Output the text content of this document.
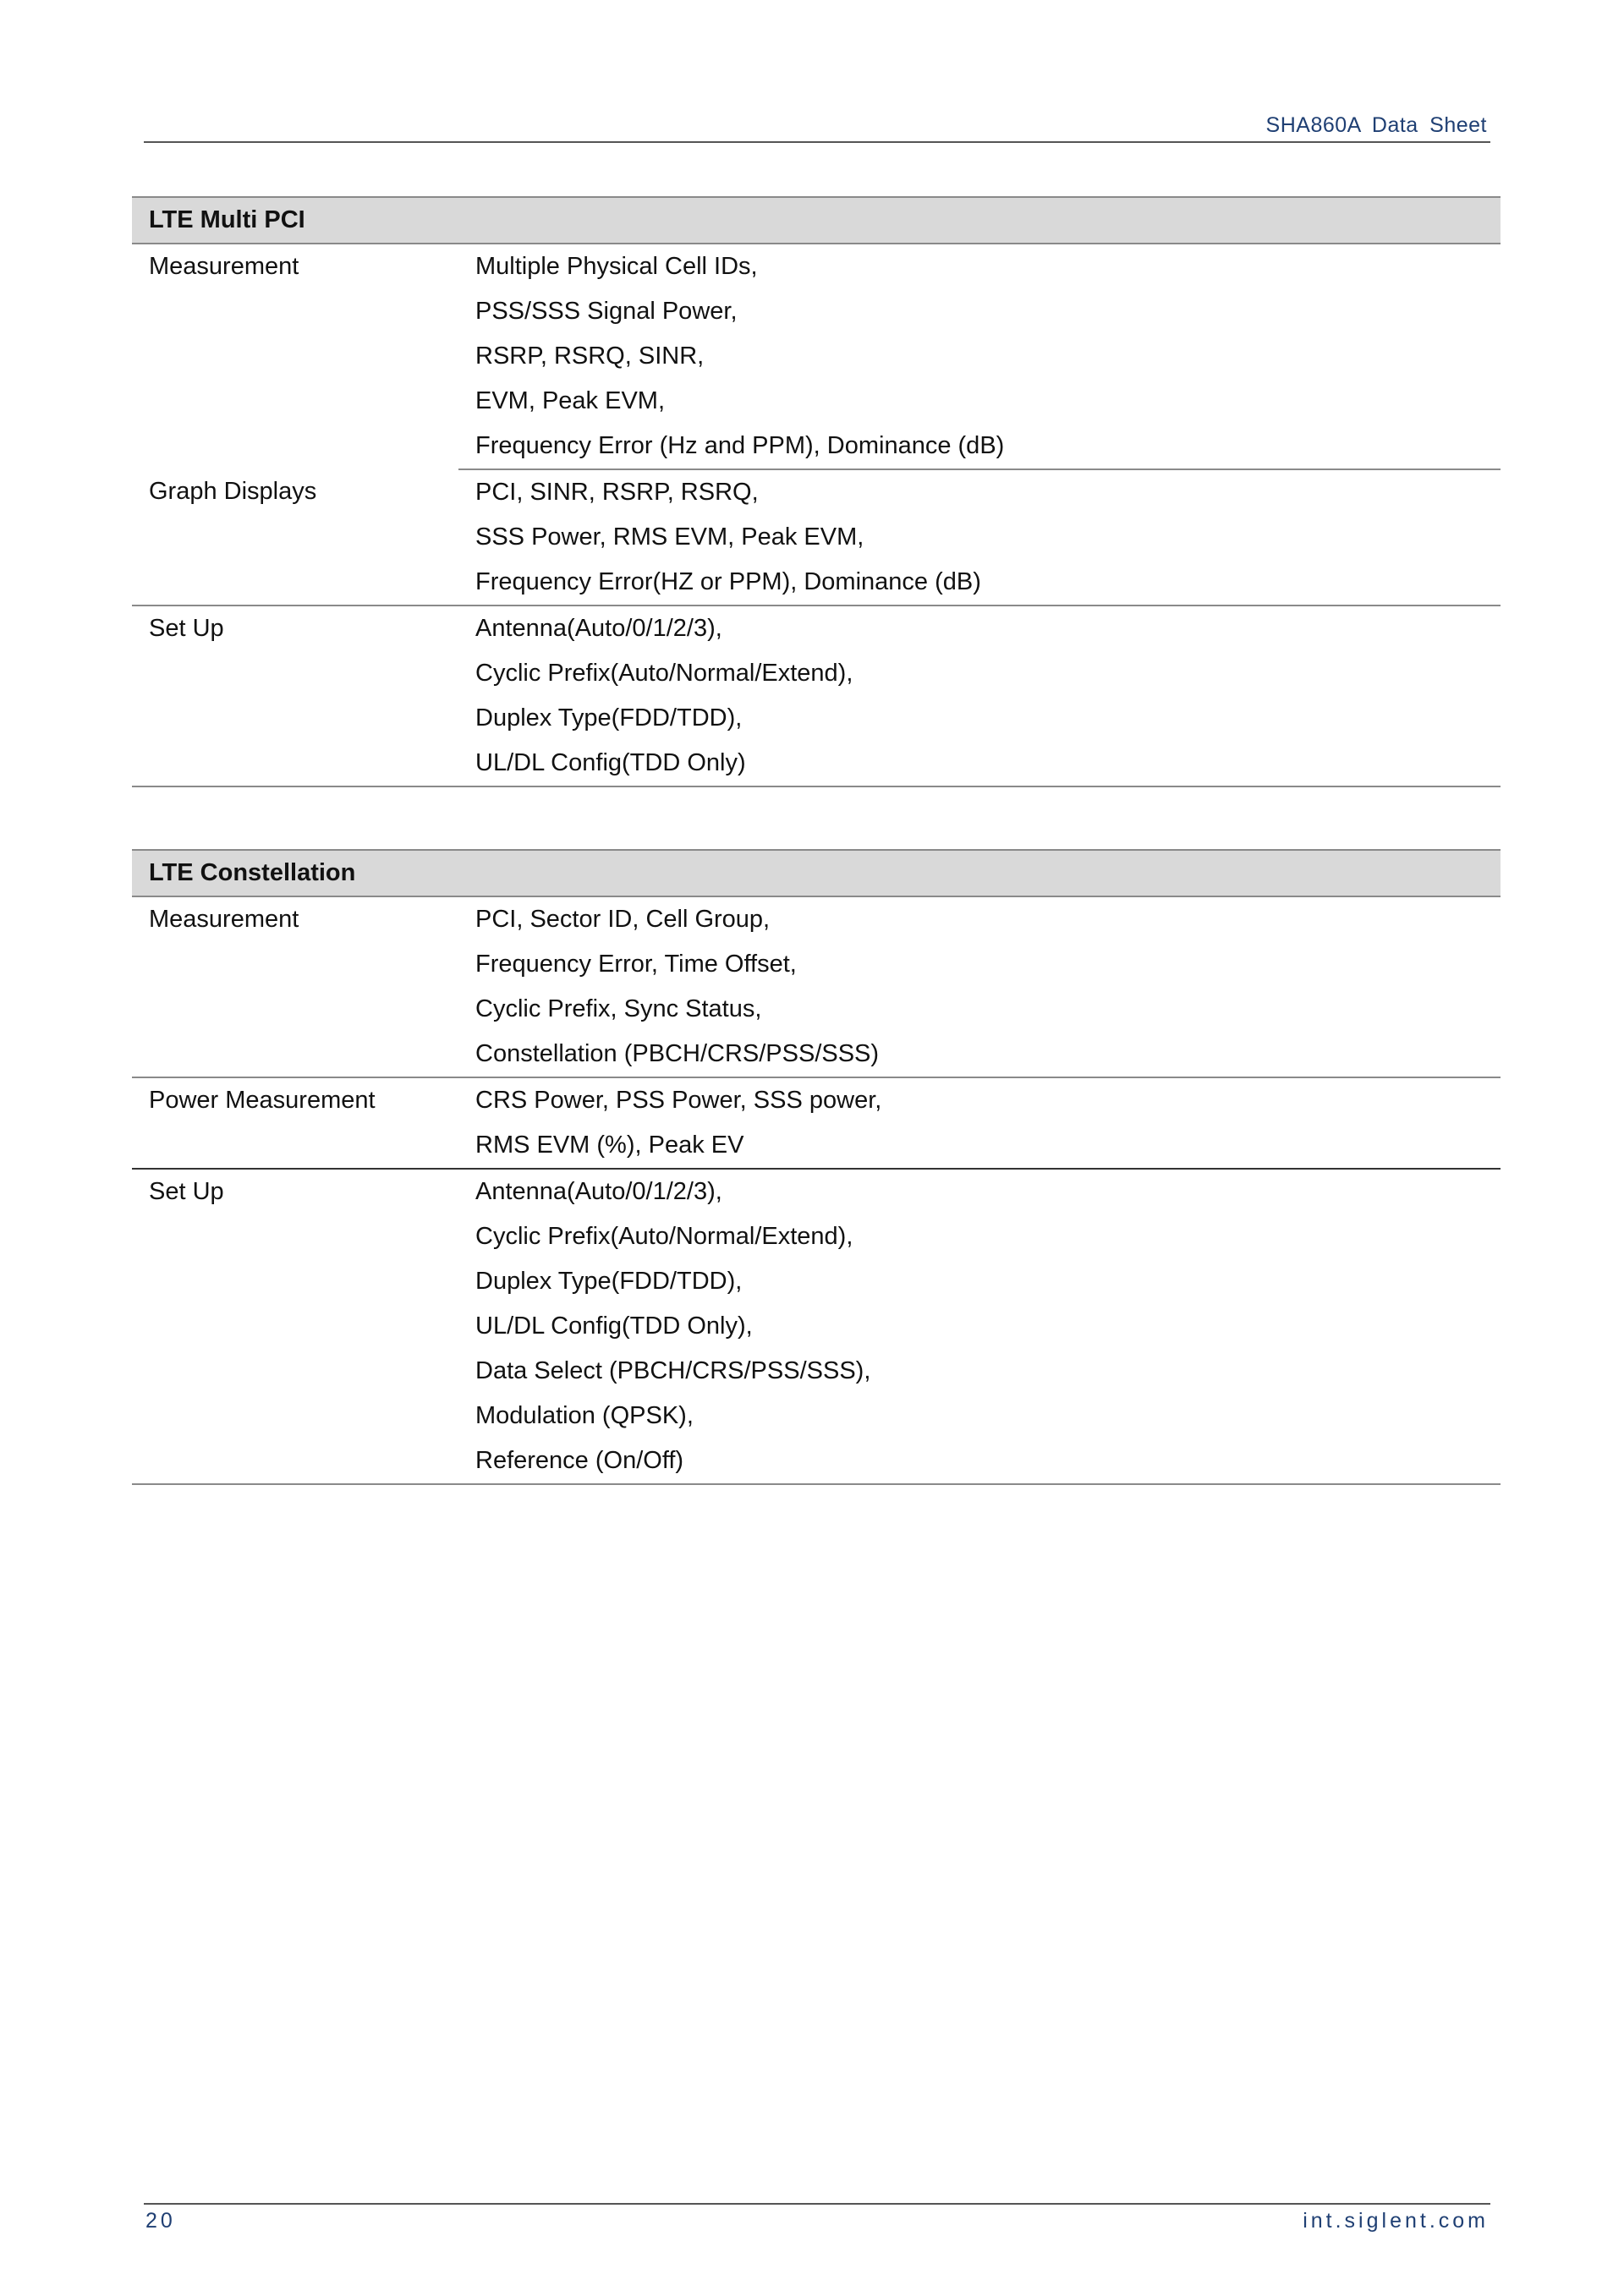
SHA860A Data Sheet
LTE Multi PCI	
Measurement	Multiple Physical Cell IDs,
	PSS/SSS Signal Power,
	RSRP, RSRQ, SINR,
	EVM, Peak EVM,
	Frequency Error (Hz and PPM), Dominance (dB)
Graph Displays	PCI, SINR, RSRP, RSRQ,
	SSS Power, RMS EVM, Peak EVM,
	Frequency Error(HZ or PPM), Dominance (dB)
Set Up	Antenna(Auto/0/1/2/3),
	Cyclic Prefix(Auto/Normal/Extend),
	Duplex Type(FDD/TDD),
	UL/DL Config(TDD Only)
LTE Constellation	
Measurement	PCI, Sector ID, Cell Group,
	Frequency Error, Time Offset,
	Cyclic Prefix, Sync Status,
	Constellation (PBCH/CRS/PSS/SSS)
Power Measurement	CRS Power, PSS Power, SSS power,
	RMS EVM (%), Peak EV
Set Up	Antenna(Auto/0/1/2/3),
	Cyclic Prefix(Auto/Normal/Extend),
	Duplex Type(FDD/TDD),
	UL/DL Config(TDD Only),
	Data Select (PBCH/CRS/PSS/SSS),
	Modulation (QPSK),
	Reference (On/Off)
20	int.siglent.com
